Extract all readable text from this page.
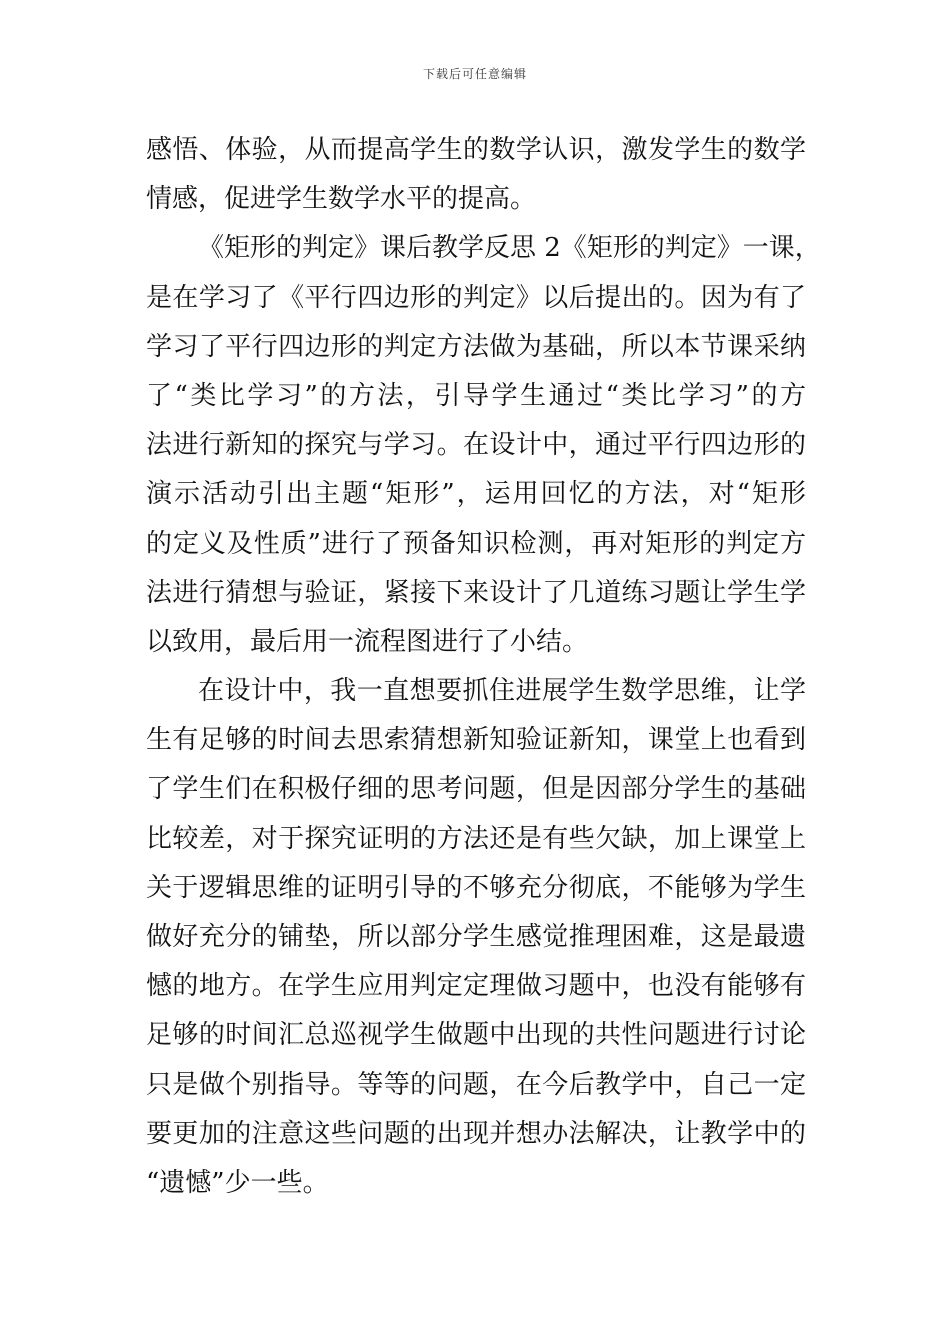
下载后可任意编辑
感悟、体验，从而提高学生的数学认识，激发学生的数学
情感，促进学生数学水平的提高。
《矩形的判定》课后教学反思 2《矩形的判定》一课，
是在学习了《平行四边形的判定》以后提出的。因为有了
学习了平行四边形的判定方法做为基础，所以本节课采纳
了“类比学习”的方法，引导学生通过“类比学习”的方
法进行新知的探究与学习。在设计中，通过平行四边形的
演示活动引出主题“矩形”，运用回忆的方法，对“矩形
的定义及性质”进行了预备知识检测，再对矩形的判定方
法进行猜想与验证，紧接下来设计了几道练习题让学生学
以致用，最后用一流程图进行了小结。
在设计中，我一直想要抓住进展学生数学思维，让学
生有足够的时间去思索猜想新知验证新知，课堂上也看到
了学生们在积极仔细的思考问题，但是因部分学生的基础
比较差，对于探究证明的方法还是有些欠缺，加上课堂上
关于逻辑思维的证明引导的不够充分彻底，不能够为学生
做好充分的铺垫，所以部分学生感觉推理困难，这是最遗
憾的地方。在学生应用判定定理做习题中，也没有能够有
足够的时间汇总巡视学生做题中出现的共性问题进行讨论
只是做个别指导。等等的问题，在今后教学中，自己一定
要更加的注意这些问题的出现并想办法解决，让教学中的
“遗憾”少一些。
